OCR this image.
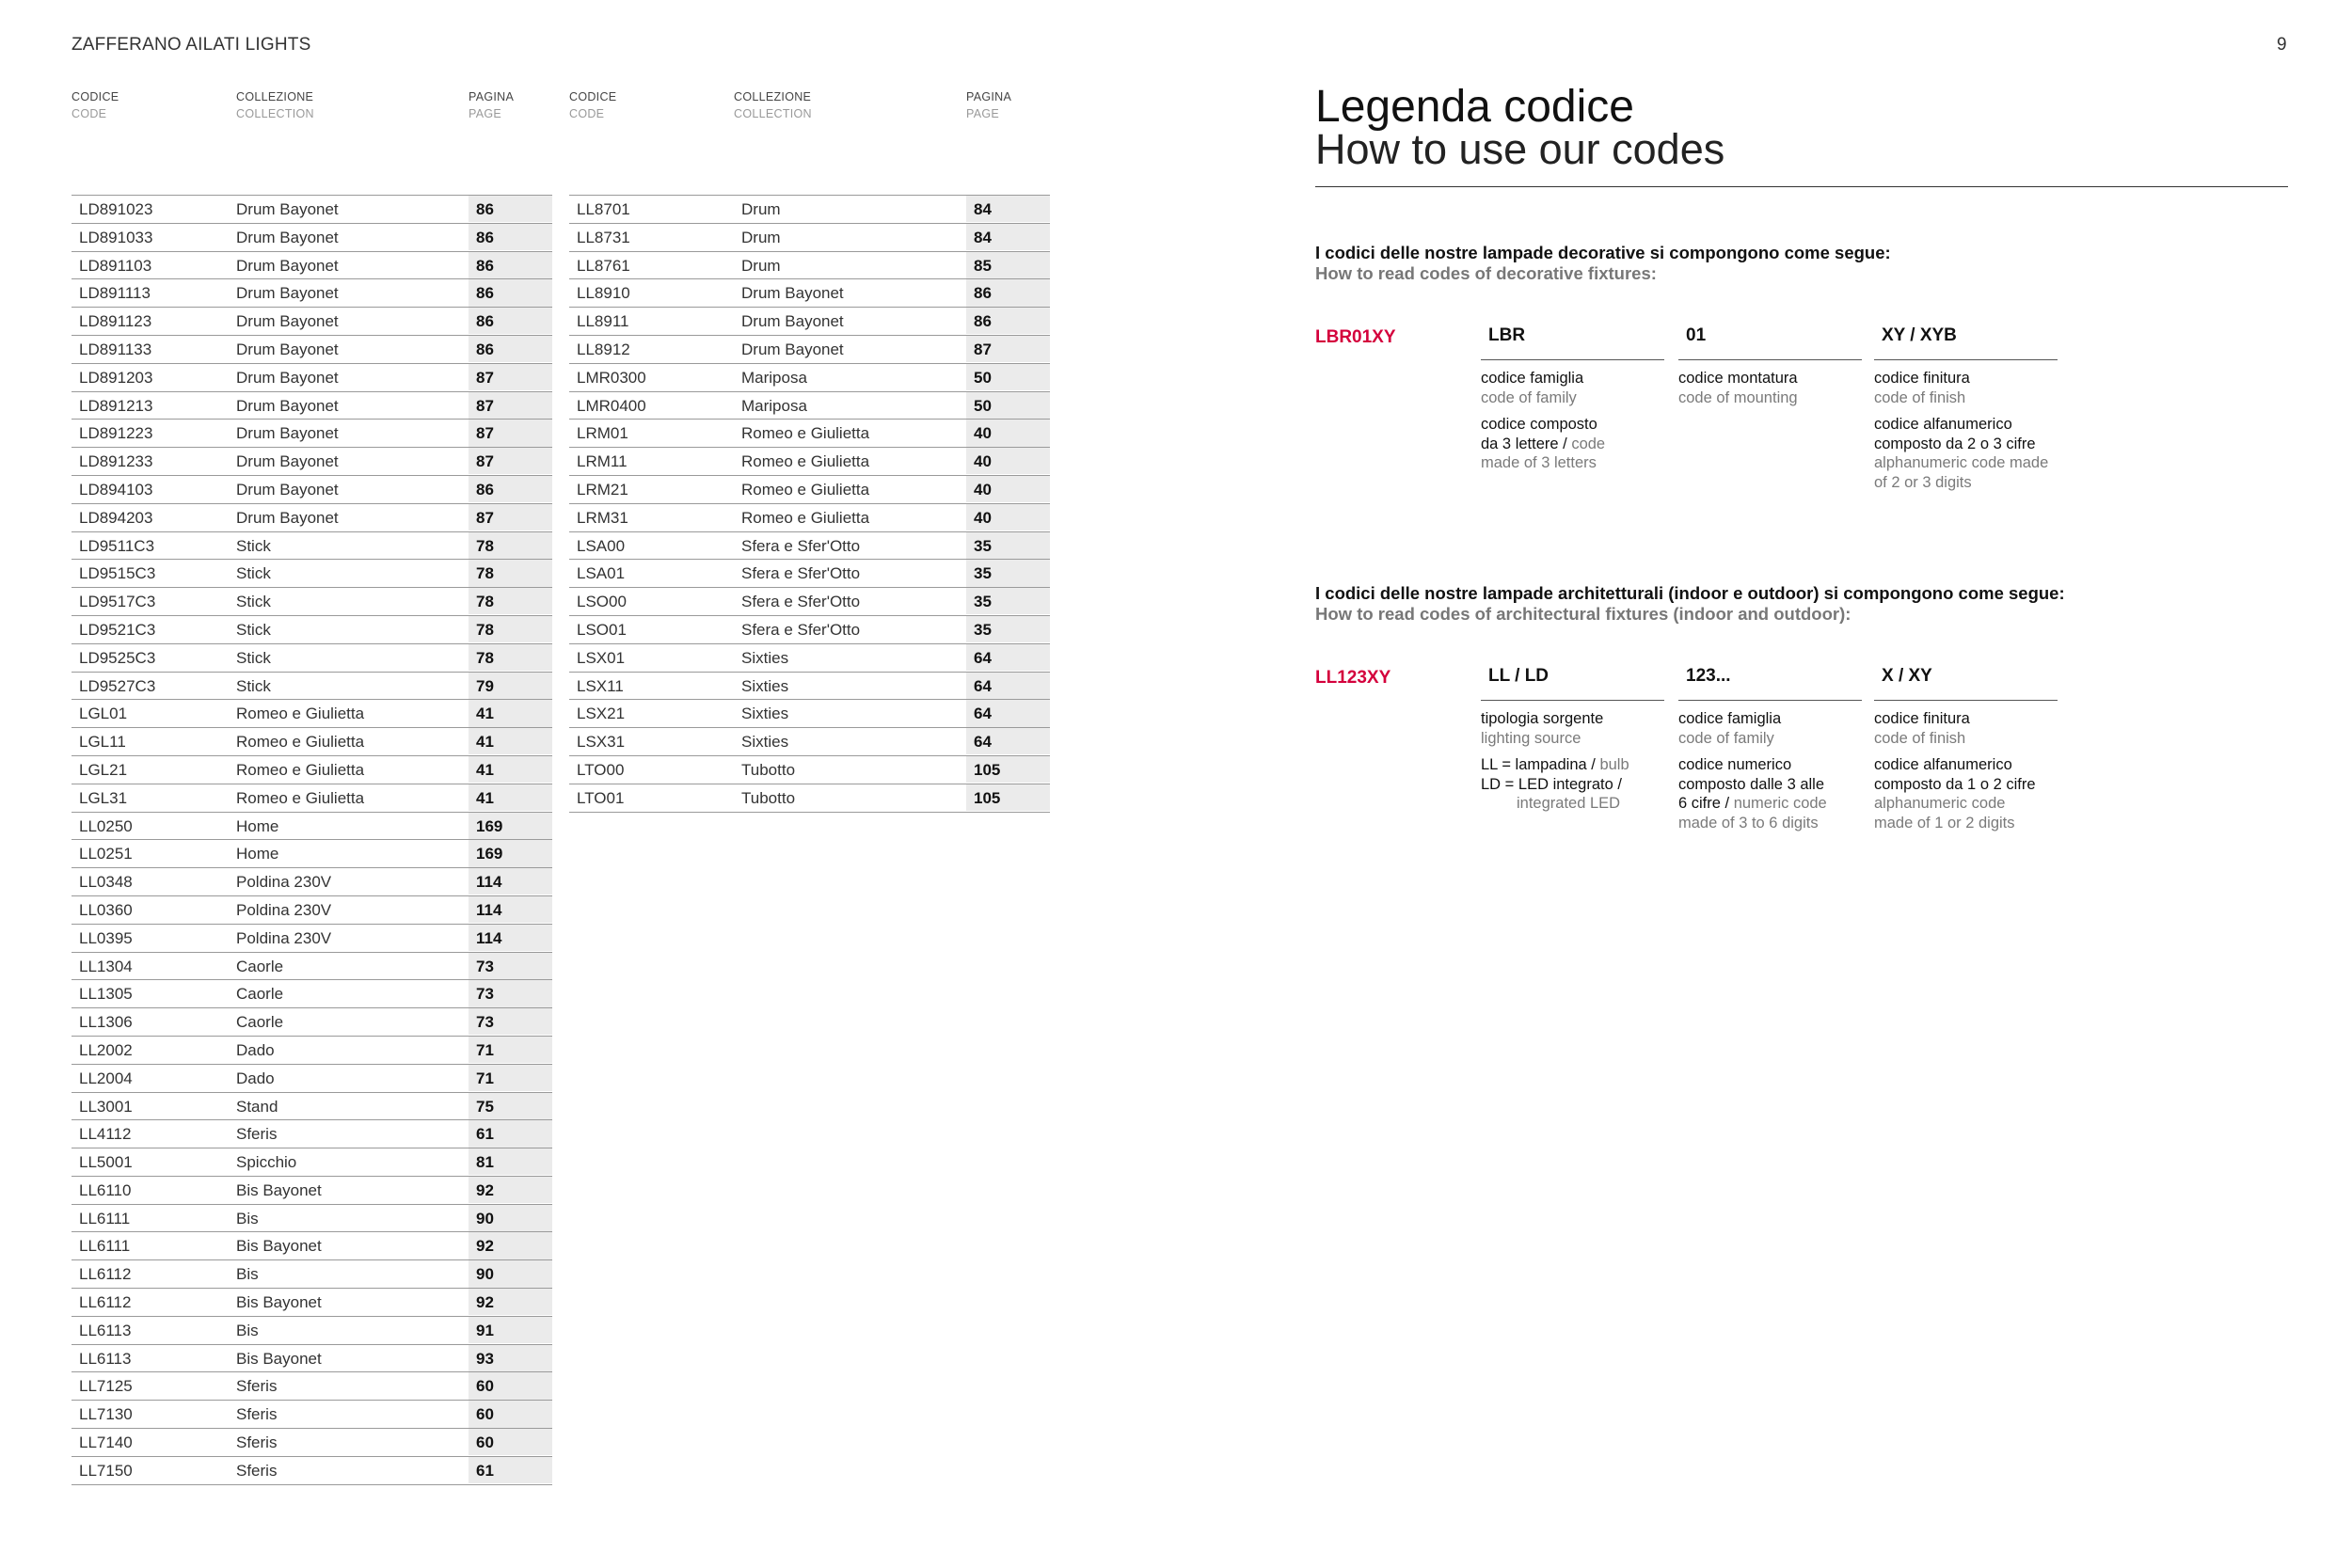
ZAFFERANO AILATI LIGHTS	9
CODICE
CODE
COLLEZIONE
COLLECTION
PAGINA
PAGE
CODICE
CODE
COLLEZIONE
COLLECTION
PAGINA
PAGE
LD891023	Drum Bayonet	86
LD891033	Drum Bayonet	86
LD891103	Drum Bayonet	86
LD891113	Drum Bayonet	86
LD891123	Drum Bayonet	86
LD891133	Drum Bayonet	86
LD891203	Drum Bayonet	87
LD891213	Drum Bayonet	87
LD891223	Drum Bayonet	87
LD891233	Drum Bayonet	87
LD894103	Drum Bayonet	86
LD894203	Drum Bayonet	87
LD9511C3	Stick	78
LD9515C3	Stick	78
LD9517C3	Stick	78
LD9521C3	Stick	78
LD9525C3	Stick	78
LD9527C3	Stick	79
LGL01	Romeo e Giulietta	41
LGL11	Romeo e Giulietta	41
LGL21	Romeo e Giulietta	41
LGL31	Romeo e Giulietta	41
LL0250	Home	169
LL0251	Home	169
LL0348	Poldina 230V	114
LL0360	Poldina 230V	114
LL0395	Poldina 230V	114
LL1304	Caorle	73
LL1305	Caorle	73
LL1306	Caorle	73
LL2002	Dado	71
LL2004	Dado	71
LL3001	Stand	75
LL4112	Sferis	61
LL5001	Spicchio	81
LL6110	Bis Bayonet	92
LL6111	Bis	90
LL6111	Bis Bayonet	92
LL6112	Bis	90
LL6112	Bis Bayonet	92
LL6113	Bis	91
LL6113	Bis Bayonet	93
LL7125	Sferis	60
LL7130	Sferis	60
LL7140	Sferis	60
LL7150	Sferis	61
LL8701	Drum	84
LL8731	Drum	84
LL8761	Drum	85
LL8910	Drum Bayonet	86
LL8911	Drum Bayonet	86
LL8912	Drum Bayonet	87
LMR0300	Mariposa	50
LMR0400	Mariposa	50
LRM01	Romeo e Giulietta	40
LRM11	Romeo e Giulietta	40
LRM21	Romeo e Giulietta	40
LRM31	Romeo e Giulietta	40
LSA00	Sfera e Sfer'Otto	35
LSA01	Sfera e Sfer'Otto	35
LSO00	Sfera e Sfer'Otto	35
LSO01	Sfera e Sfer'Otto	35
LSX01	Sixties	64
LSX11	Sixties	64
LSX21	Sixties	64
LSX31	Sixties	64
LTO00	Tubotto	105
LTO01	Tubotto	105
Legenda codice
How to use our codes
I codici delle nostre lampade decorative si compongono come segue:
How to read codes of decorative fixtures:
LBR01XY	LBR
codice famiglia
code of family
codice composto
da 3 lettere / code
made of 3 letters
01
codice montatura
code of mounting
XY / XYB
codice finitura
code of finish
codice alfanumerico
composto da 2 o 3 cifre
alphanumeric code made
of 2 or 3 digits
I codici delle nostre lampade architetturali (indoor e outdoor) si compongono come segue:
How to read codes of architectural fixtures (indoor and outdoor):
LL123XY	LL / LD
tipologia sorgente
lighting source
LL = lampadina / bulb
LD = LED integrato /
integrated LED
123...
codice famiglia
code of family
codice numerico
composto dalle 3 alle
6 cifre / numeric code
made of 3 to 6 digits
X / XY
codice finitura
code of finish
codice alfanumerico
composto da 1 o 2 cifre
alphanumeric code
made of 1 or 2 digits
